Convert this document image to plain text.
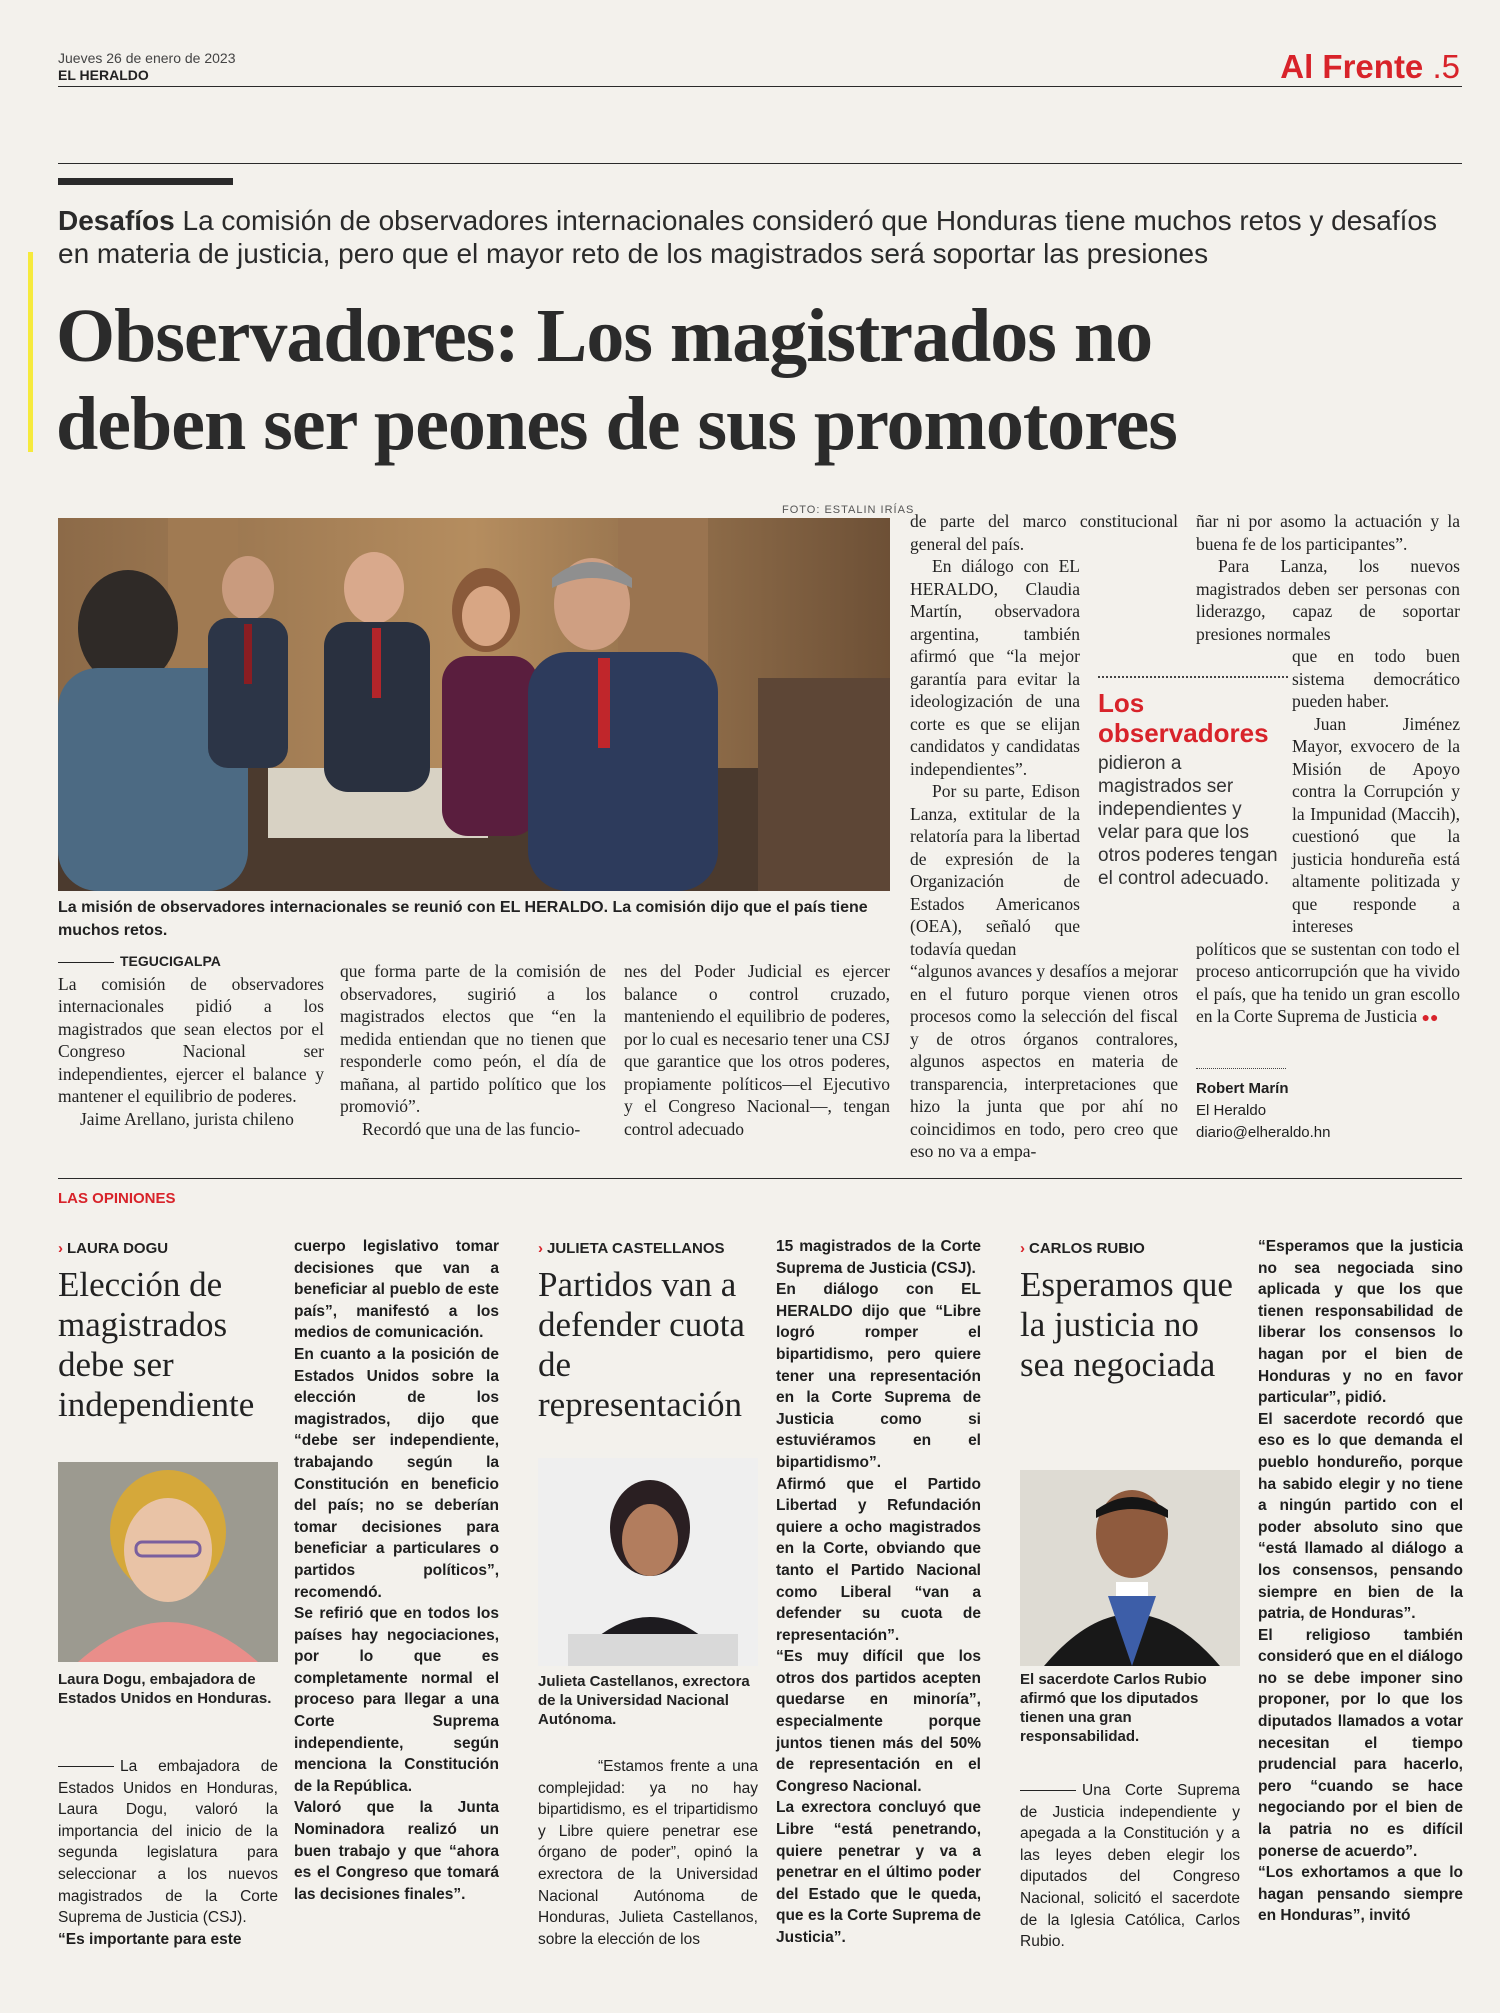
Jueves 26 de enero de 2023
EL HERALDO	Al Frente .5
Desafíos La comisión de observadores internacionales consideró que Honduras tiene muchos retos y desafíos en materia de justicia, pero que el mayor reto de los magistrados será soportar las presiones
Observadores: Los magistrados no
deben ser peones de sus promotores
FOTO: ESTALIN IRÍAS
La misión de observadores internacionales se reunió con EL HERALDO. La comisión dijo que el país tiene muchos retos.

TEGUCIGALPA

La comisión de observadores internacionales pidió a los magistrados que sean electos por el Congreso Nacional ser independientes, ejercer el balance y mantener el equilibrio de poderes.

Jaime Arellano, jurista chileno

que forma parte de la comisión de observadores, sugirió a los magistrados electos que “en la medida entiendan que no tienen que responderle como peón, el día de mañana, al partido político que los promovió”.

Recordó que una de las funcio-

nes del Poder Judicial es ejercer balance o control cruzado, manteniendo el equilibrio de poderes, por lo cual es necesario tener una CSJ que garantice que los otros poderes, propiamente políticos—el Ejecutivo y el Congreso Nacional—, tengan control adecuado

de parte del marco constitucional general del país.

En diálogo con EL HERALDO, Claudia Martín, observadora argentina, también afirmó que “la mejor garantía para evitar la ideologización de una corte es que se elijan candidatos y candidatas independientes”.

Por su parte, Edison Lanza, extitular de la relatoría para la libertad de expresión de la Organización de Estados Americanos (OEA), señaló que todavía quedan

“algunos avances y desafíos a mejorar en el futuro porque vienen otros procesos como la selección del fiscal y de otros órganos contralores, algunos aspectos en materia de transparencia, interpretaciones que hizo la junta que por ahí no coincidimos en todo, pero creo que eso no va a empa-

ñar ni por asomo la actuación y la buena fe de los participantes”.

Para Lanza, los nuevos magistrados deben ser personas con liderazgo, capaz de soportar presiones normales

que en todo buen sistema democrático pueden haber.

Juan Jiménez Mayor, exvocero de la Misión de Apoyo contra la Corrupción y la Impunidad (Maccih), cuestionó que la justicia hondureña está altamente politizada y que responde a intereses

políticos que se sustentan con todo el proceso anticorrupción que ha vivido el país, que ha tenido un gran escollo en la Corte Suprema de Justicia ●●

Los observadores
pidieron a magistrados ser independientes y velar para que los otros poderes tengan el control adecuado.
Robert Marín
El Heraldo
diario@elheraldo.hn
LAS OPINIONES
› LAURA DOGU
Elección de magistrados debe ser independiente
Laura Dogu, embajadora de Estados Unidos en Honduras.

La embajadora de Estados Unidos en Honduras, Laura Dogu, valoró la importancia del inicio de la segunda legislatura para seleccionar a los nuevos magistrados de la Corte Suprema de Justicia (CSJ).

“Es importante para este

cuerpo legislativo tomar decisiones que van a beneficiar al pueblo de este país”, manifestó a los medios de comunicación.

En cuanto a la posición de Estados Unidos sobre la elección de los magistrados, dijo que “debe ser independiente, trabajando según la Constitución en beneficio del país; no se deberían tomar decisiones para beneficiar a particulares o partidos políticos”, recomendó.

Se refirió que en todos los países hay negociaciones, por lo que es completamente normal el proceso para llegar a una Corte Suprema independiente, según menciona la Constitución de la República.

Valoró que la Junta Nominadora realizó un buen trabajo y que “ahora es el Congreso que tomará las decisiones finales”.

› JULIETA CASTELLANOS
Partidos van a defender cuota de representación
Julieta Castellanos, exrectora de la Universidad Nacional Autónoma.

“Estamos frente a una complejidad: ya no hay bipartidismo, es el tripartidismo y Libre quiere penetrar ese órgano de poder”, opinó la exrectora de la Universidad Nacional Autónoma de Honduras, Julieta Castellanos, sobre la elección de los

15 magistrados de la Corte Suprema de Justicia (CSJ).

En diálogo con EL HERALDO dijo que “Libre logró romper el bipartidismo, pero quiere tener una representación en la Corte Suprema de Justicia como si estuviéramos en el bipartidismo”.

Afirmó que el Partido Libertad y Refundación quiere a ocho magistrados en la Corte, obviando que tanto el Partido Nacional como Liberal “van a defender su cuota de representación”.

“Es muy difícil que los otros dos partidos acepten quedarse en minoría”, especialmente porque juntos tienen más del 50% de representación en el Congreso Nacional.

La exrectora concluyó que Libre “está penetrando, quiere penetrar y va a penetrar en el último poder del Estado que le queda, que es la Corte Suprema de Justicia”.

› CARLOS RUBIO
Esperamos que la justicia no sea negociada
El sacerdote Carlos Rubio afirmó que los diputados tienen una gran responsabilidad.

Una Corte Suprema de Justicia independiente y apegada a la Constitución y a las leyes deben elegir los diputados del Congreso Nacional, solicitó el sacerdote de la Iglesia Católica, Carlos Rubio.

“Esperamos que la justicia no sea negociada sino aplicada y que los que tienen responsabilidad de liberar los consensos lo hagan por el bien de Honduras y no en favor particular”, pidió.

El sacerdote recordó que eso es lo que demanda el pueblo hondureño, porque ha sabido elegir y no tiene a ningún partido con el poder absoluto sino que “está llamado al diálogo a los consensos, pensando siempre en bien de la patria, de Honduras”.

El religioso también consideró que en el diálogo no se debe imponer sino proponer, por lo que los diputados llamados a votar necesitan el tiempo prudencial para hacerlo, pero “cuando se hace negociando por el bien de la patria no es difícil ponerse de acuerdo”.

“Los exhortamos a que lo hagan pensando siempre en Honduras”, invitó
